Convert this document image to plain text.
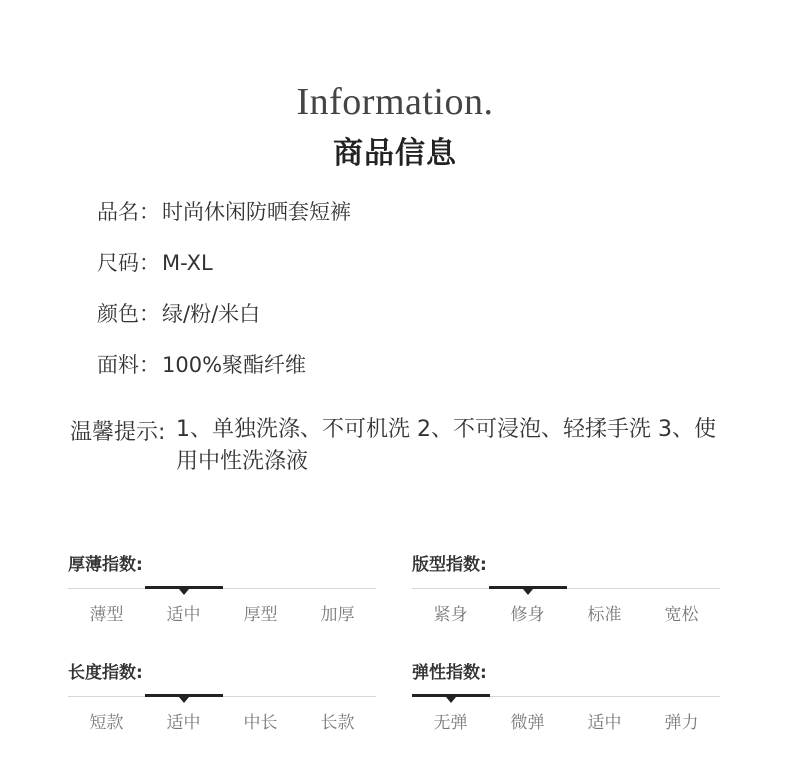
Information.
商品信息
品名：时尚休闲防晒套短裤
尺码：M-XL
颜色：绿/粉/米白
面料：100%聚酯纤维
温馨提示: 1、单独洗涤、不可机洗 2、不可浸泡、轻揉手洗 3、使用中性洗涤液
厚薄指数:
薄型	适中	厚型	加厚
版型指数:
紧身	修身	标准	宽松
长度指数:
短款	适中	中长	长款
弹性指数:
无弹	微弹	适中	弹力
